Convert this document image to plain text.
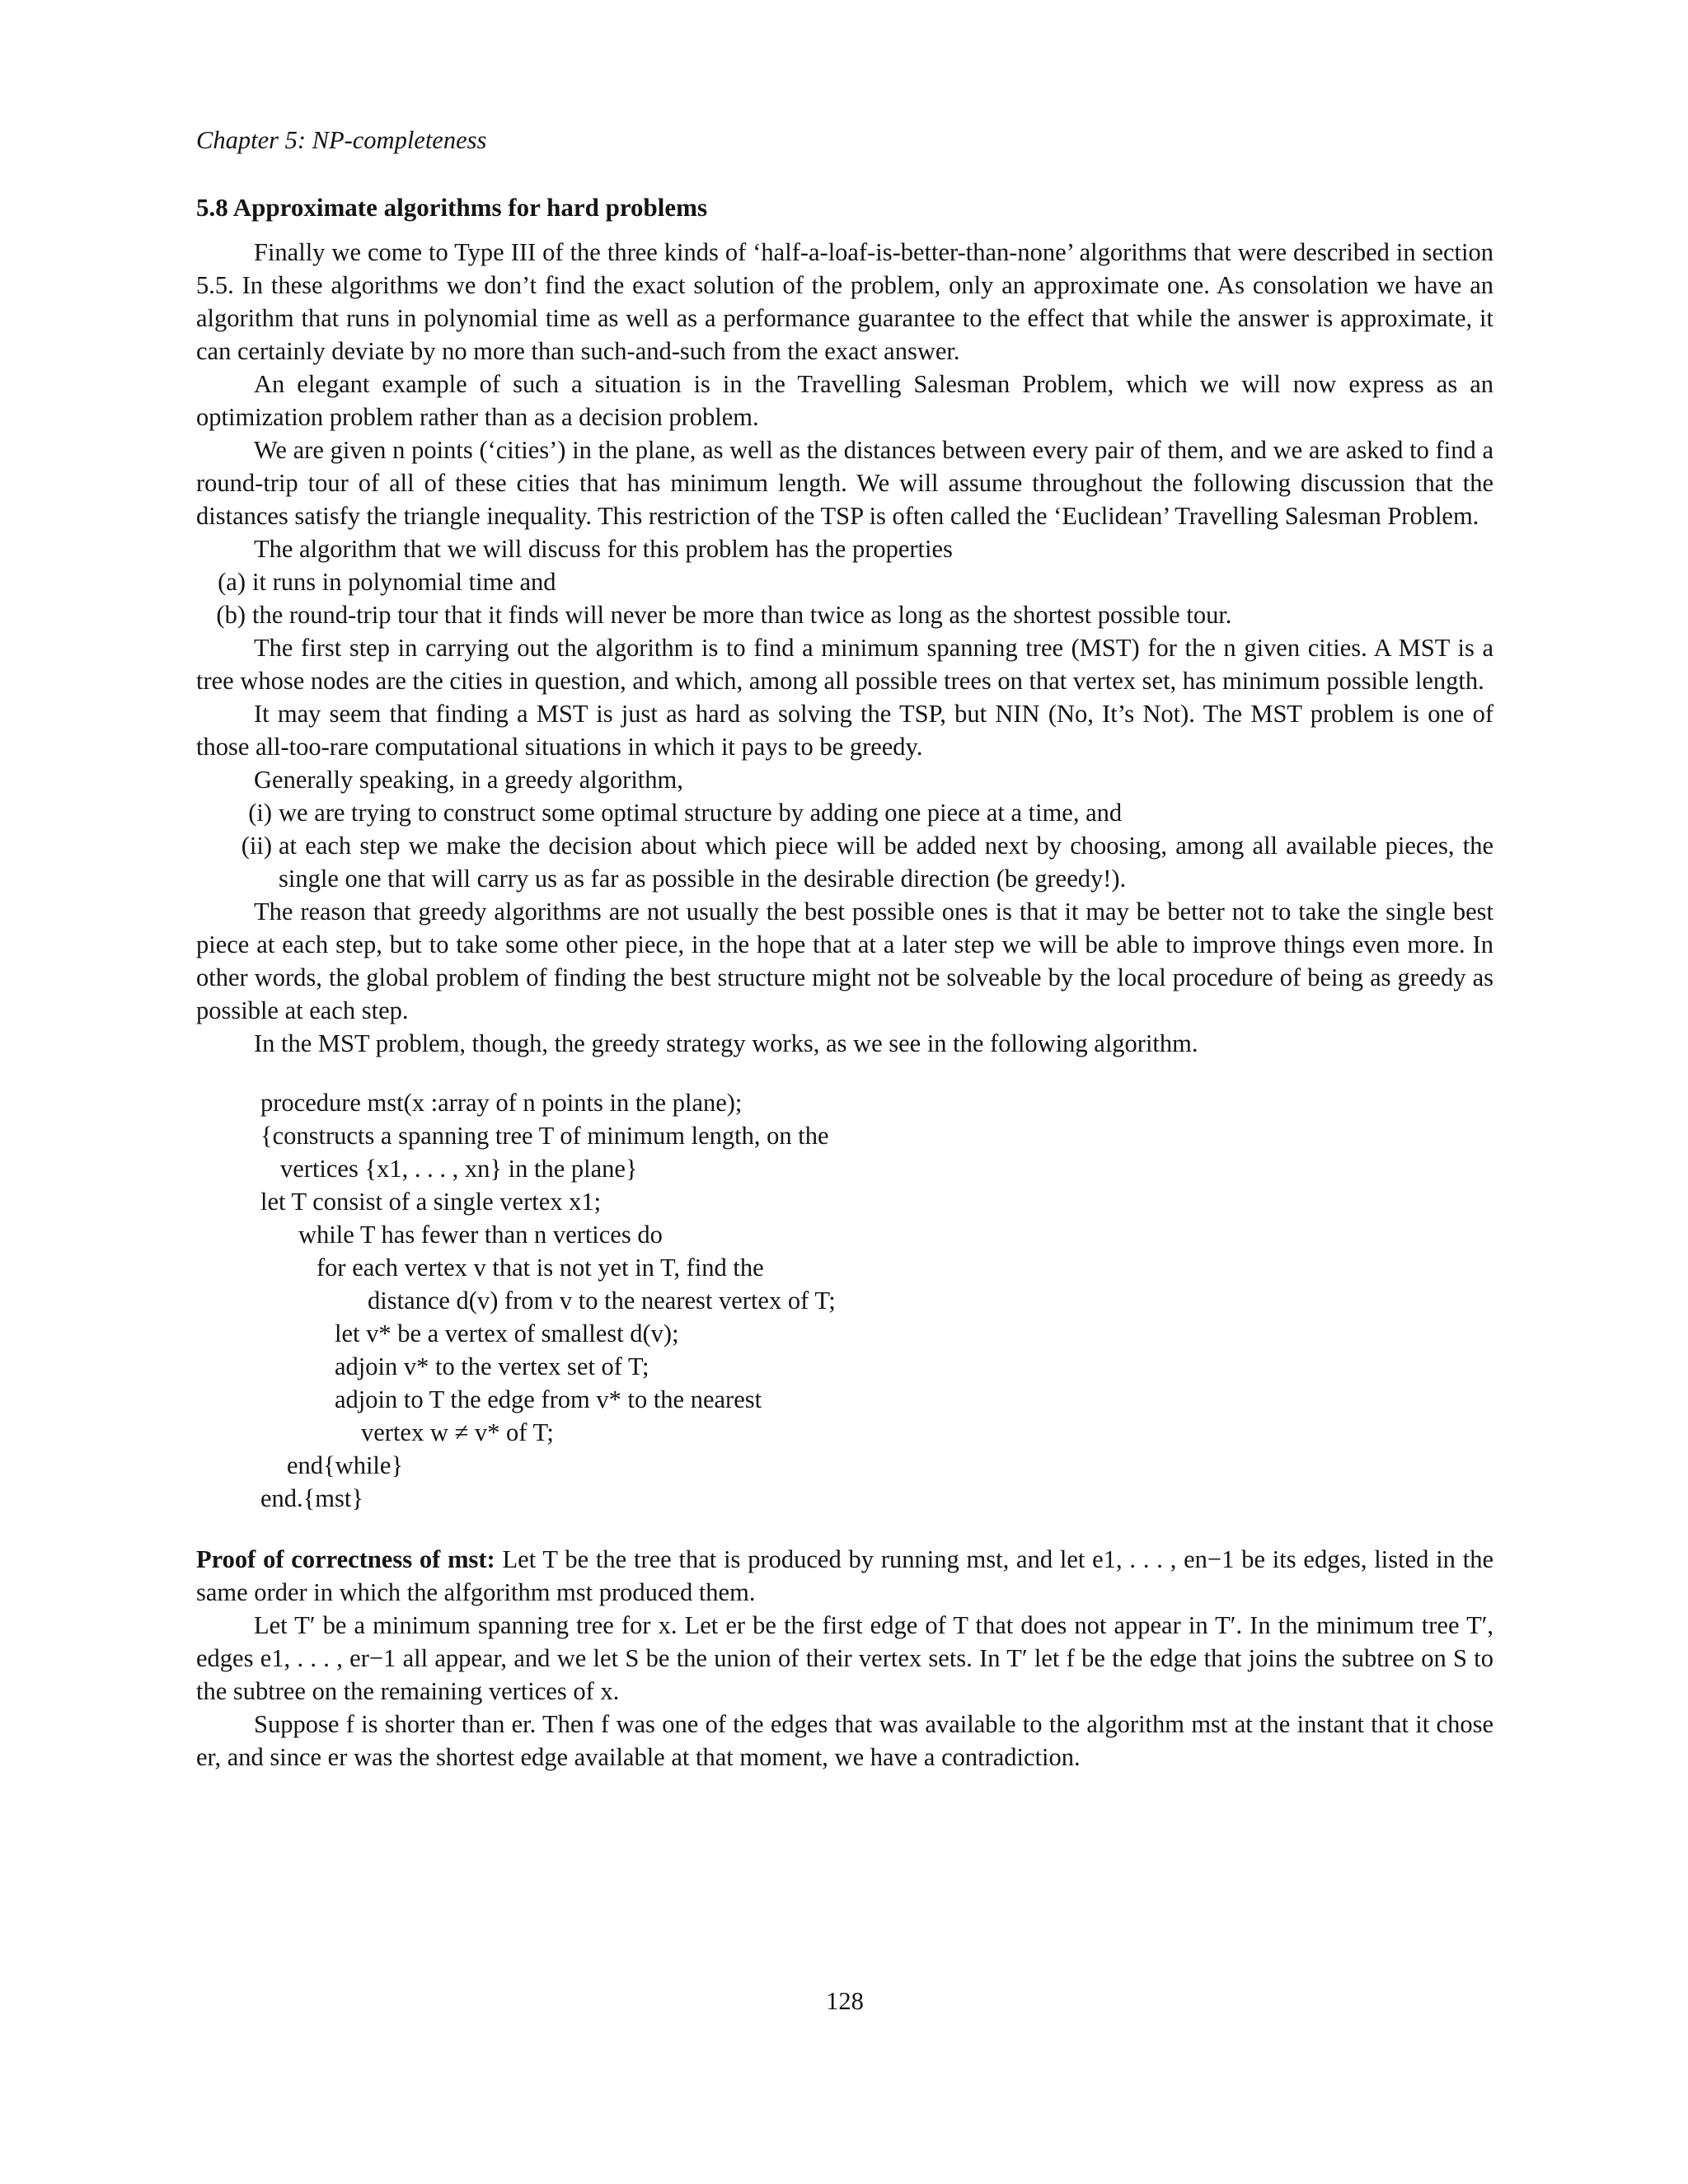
Chapter 5: NP-completeness
5.8 Approximate algorithms for hard problems

Finally we come to Type III of the three kinds of ‘half-a-loaf-is-better-than-none’ algorithms that were described in section 5.5. In these algorithms we don’t find the exact solution of the problem, only an approximate one. As consolation we have an algorithm that runs in polynomial time as well as a performance guarantee to the effect that while the answer is approximate, it can certainly deviate by no more than such-and-such from the exact answer.

An elegant example of such a situation is in the Travelling Salesman Problem, which we will now express as an optimization problem rather than as a decision problem.

We are given n points (‘cities’) in the plane, as well as the distances between every pair of them, and we are asked to find a round-trip tour of all of these cities that has minimum length. We will assume throughout the following discussion that the distances satisfy the triangle inequality. This restriction of the TSP is often called the ‘Euclidean’ Travelling Salesman Problem.

The algorithm that we will discuss for this problem has the properties

(a) it runs in polynomial time and
(b) the round-trip tour that it finds will never be more than twice as long as the shortest possible tour.

The first step in carrying out the algorithm is to find a minimum spanning tree (MST) for the n given cities. A MST is a tree whose nodes are the cities in question, and which, among all possible trees on that vertex set, has minimum possible length.

It may seem that finding a MST is just as hard as solving the TSP, but NIN (No, It’s Not). The MST problem is one of those all-too-rare computational situations in which it pays to be greedy.

Generally speaking, in a greedy algorithm,

(i) we are trying to construct some optimal structure by adding one piece at a time, and
(ii) at each step we make the decision about which piece will be added next by choosing, among all available pieces, the single one that will carry us as far as possible in the desirable direction (be greedy!).

The reason that greedy algorithms are not usually the best possible ones is that it may be better not to take the single best piece at each step, but to take some other piece, in the hope that at a later step we will be able to improve things even more. In other words, the global problem of finding the best structure might not be solveable by the local procedure of being as greedy as possible at each step.

In the MST problem, though, the greedy strategy works, as we see in the following algorithm.

procedure mst(x :array of n points in the plane);
{constructs a spanning tree T of minimum length, on the
vertices {x1, . . . , xn} in the plane}
let T consist of a single vertex x1;
while T has fewer than n vertices do
for each vertex v that is not yet in T, find the
distance d(v) from v to the nearest vertex of T;
let v* be a vertex of smallest d(v);
adjoin v* to the vertex set of T;
adjoin to T the edge from v* to the nearest
vertex w ≠ v* of T;
end{while}
end.{mst}

Proof of correctness of mst: Let T be the tree that is produced by running mst, and let e1, . . . , en−1 be its edges, listed in the same order in which the alfgorithm mst produced them.

Let T′ be a minimum spanning tree for x. Let er be the first edge of T that does not appear in T′. In the minimum tree T′, edges e1, . . . , er−1 all appear, and we let S be the union of their vertex sets. In T′ let f be the edge that joins the subtree on S to the subtree on the remaining vertices of x.

Suppose f is shorter than er. Then f was one of the edges that was available to the algorithm mst at the instant that it chose er, and since er was the shortest edge available at that moment, we have a contradiction.

128
